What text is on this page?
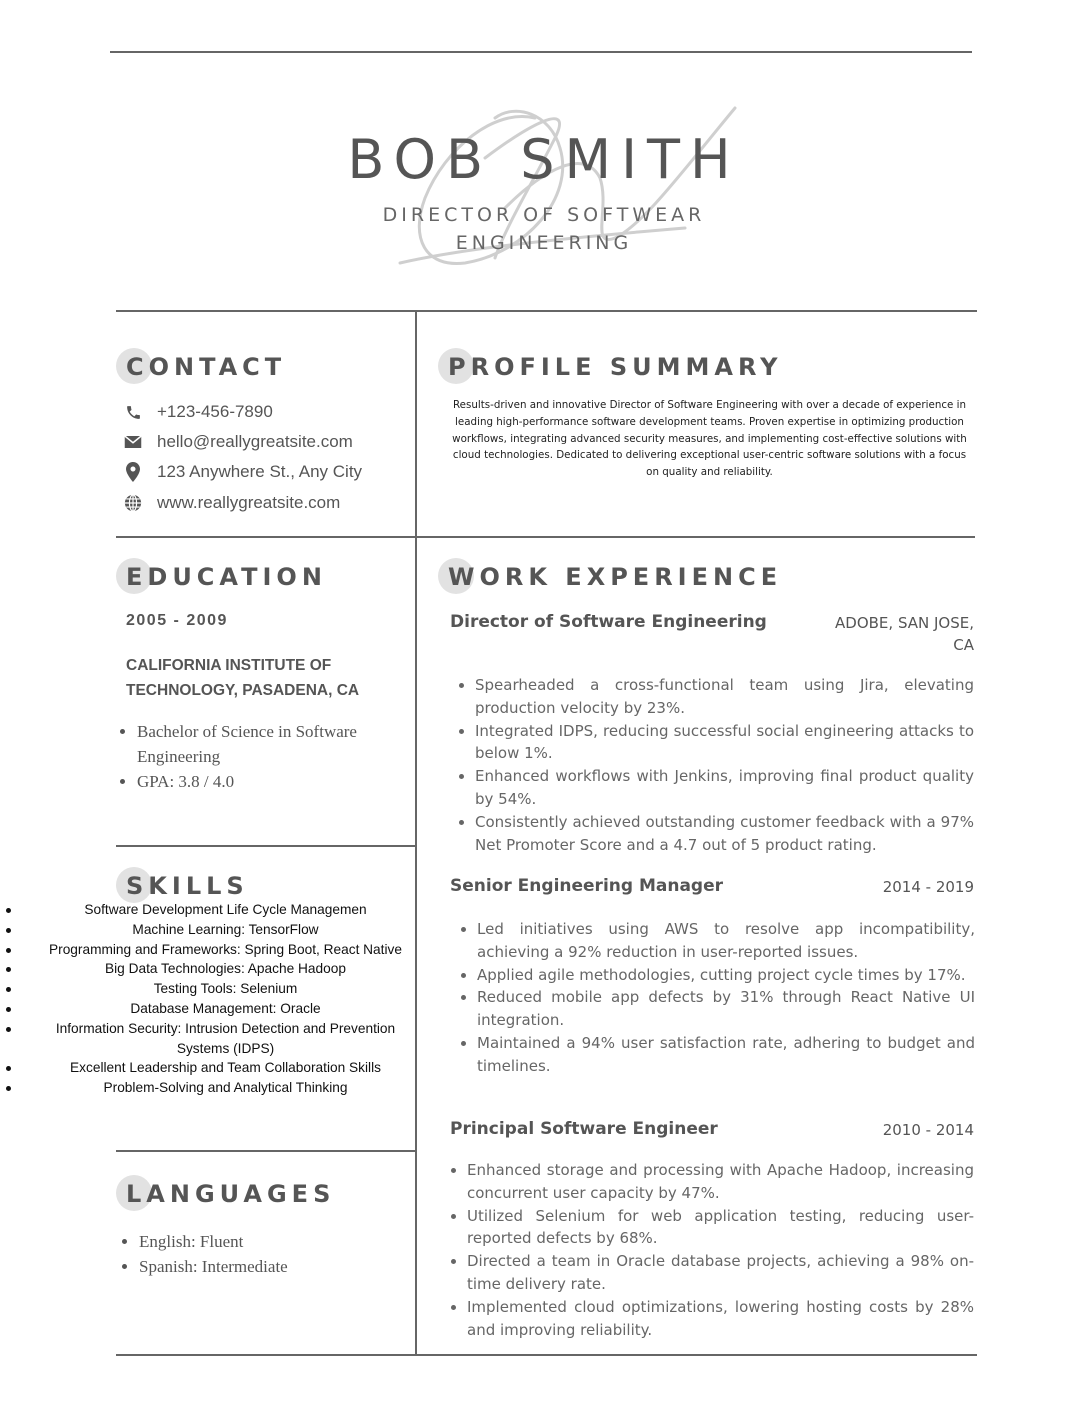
BOB SMITH
DIRECTOR OF SOFTWEAR ENGINEERING
CONTACT
+123-456-7890
hello@reallygreatsite.com
123 Anywhere St., Any City
www.reallygreatsite.com
PROFILE SUMMARY
Results-driven and innovative Director of Software Engineering with over a decade of experience in leading high-performance software development teams. Proven expertise in optimizing production workflows, integrating advanced security measures, and implementing cost-effective solutions with cloud technologies. Dedicated to delivering exceptional user-centric software solutions with a focus on quality and reliability.
EDUCATION
2005 - 2009
CALIFORNIA INSTITUTE OF TECHNOLOGY, PASADENA, CA
• Bachelor of Science in Software Engineering
• GPA: 3.8 / 4.0
SKILLS
Software Development Life Cycle Managemen
Machine Learning: TensorFlow
Programming and Frameworks: Spring Boot, React Native
Big Data Technologies: Apache Hadoop
Testing Tools: Selenium
Database Management: Oracle
Information Security: Intrusion Detection and Prevention Systems (IDPS)
Excellent Leadership and Team Collaboration Skills
Problem-Solving and Analytical Thinking
LANGUAGES
• English: Fluent
• Spanish: Intermediate
WORK EXPERIENCE
Director of Software Engineering	ADOBE, SAN JOSE, CA
• Spearheaded a cross-functional team using Jira, elevating production velocity by 23%.
• Integrated IDPS, reducing successful social engineering attacks to below 1%.
• Enhanced workflows with Jenkins, improving final product quality by 54%.
• Consistently achieved outstanding customer feedback with a 97% Net Promoter Score and a 4.7 out of 5 product rating.
Senior Engineering Manager	2014 - 2019
• Led initiatives using AWS to resolve app incompatibility, achieving a 92% reduction in user-reported issues.
• Applied agile methodologies, cutting project cycle times by 17%.
• Reduced mobile app defects by 31% through React Native UI integration.
• Maintained a 94% user satisfaction rate, adhering to budget and timelines.
Principal Software Engineer	2010 - 2014
• Enhanced storage and processing with Apache Hadoop, increasing concurrent user capacity by 47%.
• Utilized Selenium for web application testing, reducing user-reported defects by 68%.
• Directed a team in Oracle database projects, achieving a 98% on-time delivery rate.
• Implemented cloud optimizations, lowering hosting costs by 28% and improving reliability.
